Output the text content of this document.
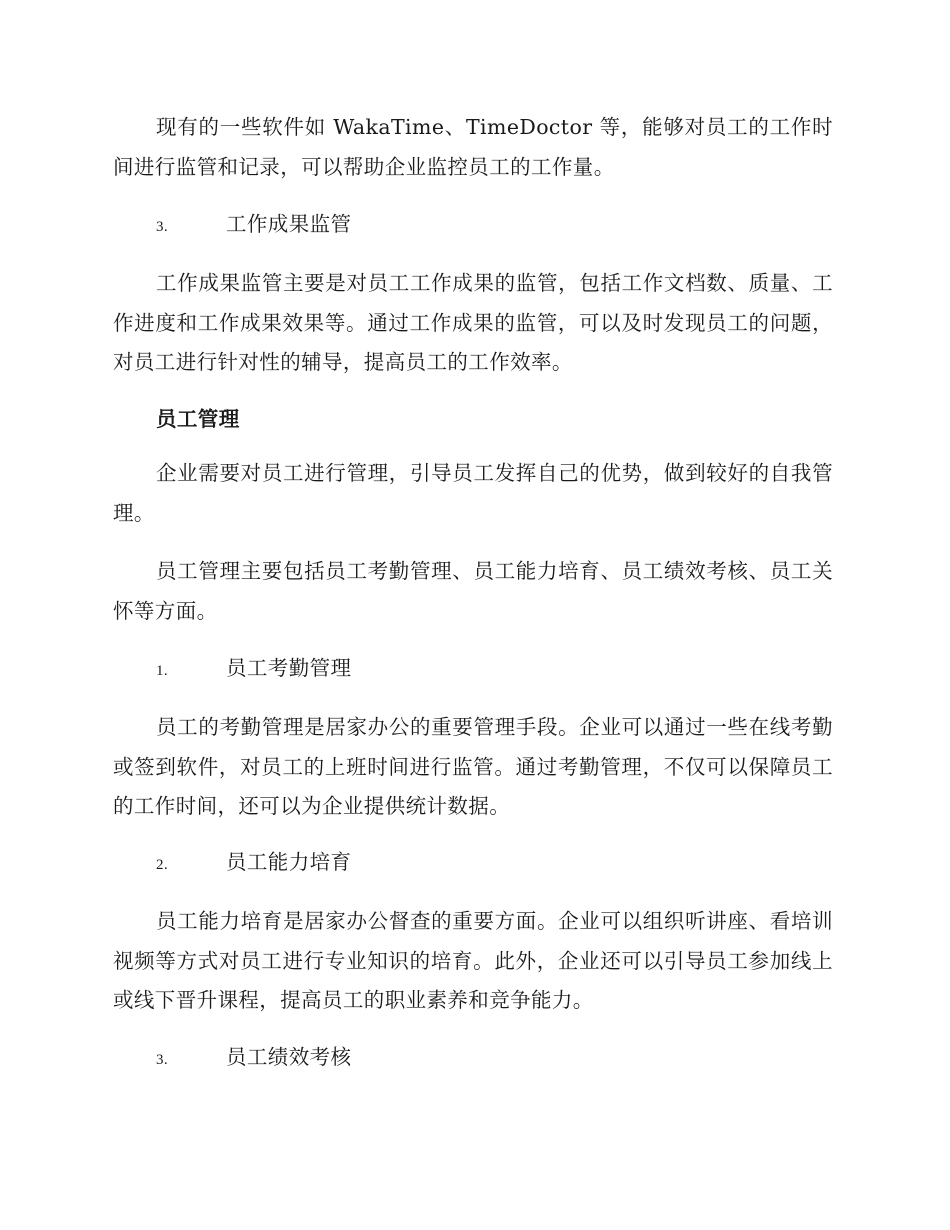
现有的一些软件如 WakaTime、TimeDoctor 等，能够对员工的工作时间进行监管和记录，可以帮助企业监控员工的工作量。

3.	工作成果监管

工作成果监管主要是对员工工作成果的监管，包括工作文档数、质量、工作进度和工作成果效果等。通过工作成果的监管，可以及时发现员工的问题，对员工进行针对性的辅导，提高员工的工作效率。

员工管理

企业需要对员工进行管理，引导员工发挥自己的优势，做到较好的自我管理。

员工管理主要包括员工考勤管理、员工能力培育、员工绩效考核、员工关怀等方面。

1.	员工考勤管理

员工的考勤管理是居家办公的重要管理手段。企业可以通过一些在线考勤或签到软件，对员工的上班时间进行监管。通过考勤管理，不仅可以保障员工的工作时间，还可以为企业提供统计数据。

2.	员工能力培育

员工能力培育是居家办公督查的重要方面。企业可以组织听讲座、看培训视频等方式对员工进行专业知识的培育。此外，企业还可以引导员工参加线上或线下晋升课程，提高员工的职业素养和竞争能力。

3.	员工绩效考核
